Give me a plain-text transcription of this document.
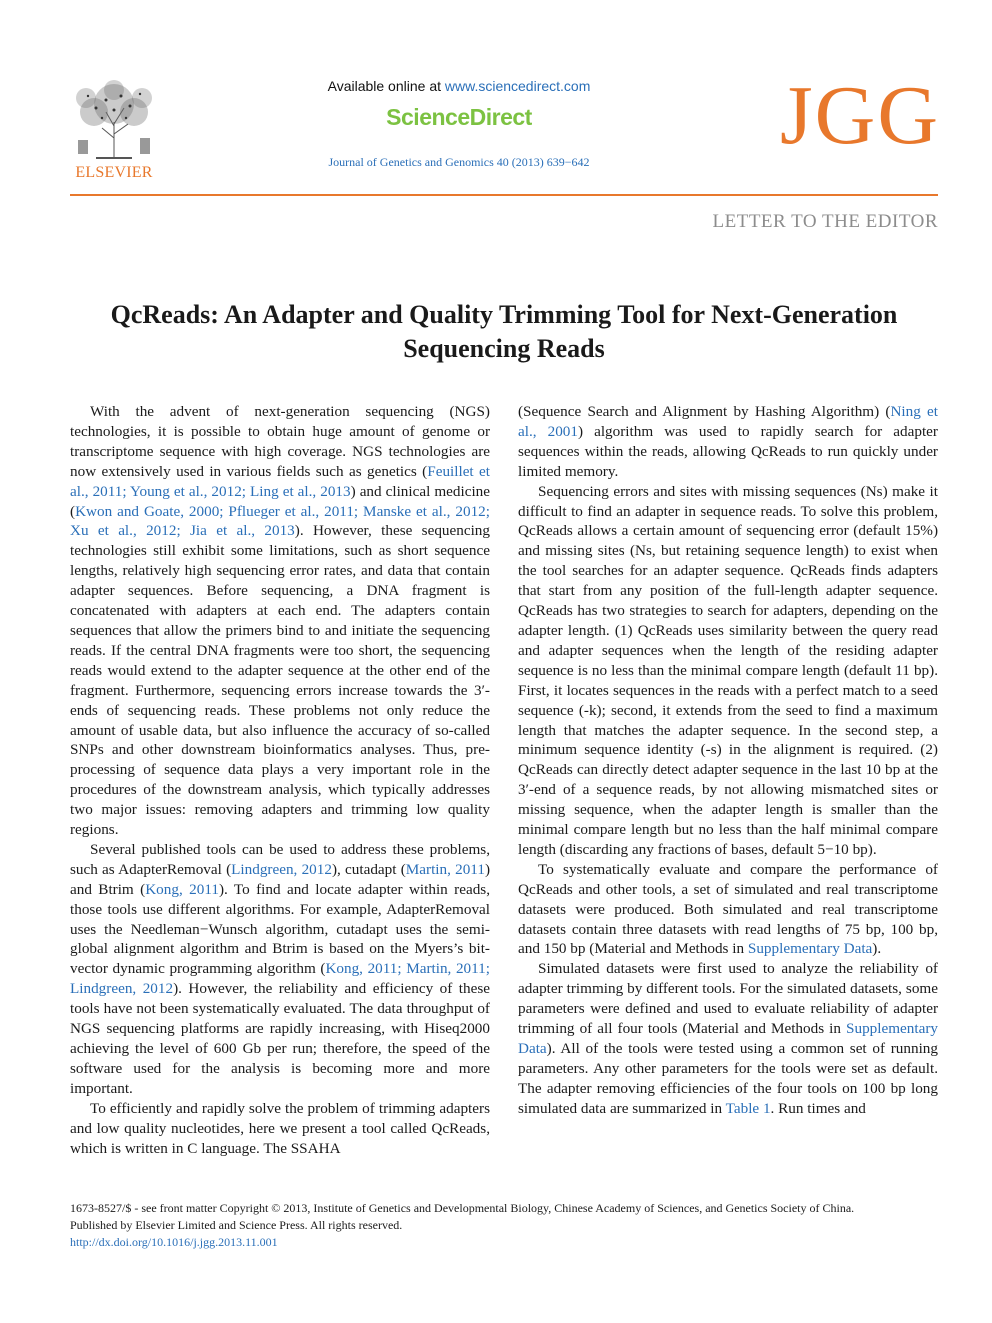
ELSEVIER
Available online at www.sciencedirect.com
ScienceDirect
Journal of Genetics and Genomics 40 (2013) 639−642	JGG
LETTER TO THE EDITOR
QcReads: An Adapter and Quality Trimming Tool for Next-Generation
Sequencing Reads

With the advent of next-generation sequencing (NGS) technologies, it is possible to obtain huge amount of genome or transcriptome sequence with high coverage. NGS technologies are now extensively used in various fields such as genetics (Feuillet et al., 2011; Young et al., 2012; Ling et al., 2013) and clinical medicine (Kwon and Goate, 2000; Pflueger et al., 2011; Manske et al., 2012; Xu et al., 2012; Jia et al., 2013). However, these sequencing technologies still exhibit some limitations, such as short sequence lengths, relatively high sequencing error rates, and data that contain adapter sequences. Before sequencing, a DNA fragment is concatenated with adapters at each end. The adapters contain sequences that allow the primers bind to and initiate the sequencing reads. If the central DNA fragments were too short, the sequencing reads would extend to the adapter sequence at the other end of the fragment. Furthermore, sequencing errors increase towards the 3′-ends of sequencing reads. These problems not only reduce the amount of usable data, but also influence the accuracy of so-called SNPs and other downstream bioinformatics analyses. Thus, pre-processing of sequence data plays a very important role in the procedures of the downstream analysis, which typically addresses two major issues: removing adapters and trimming low quality regions.

Several published tools can be used to address these problems, such as AdapterRemoval (Lindgreen, 2012), cutadapt (Martin, 2011) and Btrim (Kong, 2011). To find and locate adapter within reads, those tools use different algorithms. For example, AdapterRemoval uses the Needleman−Wunsch algorithm, cutadapt uses the semi-global alignment algorithm and Btrim is based on the Myers’s bit-vector dynamic programming algorithm (Kong, 2011; Martin, 2011; Lindgreen, 2012). However, the reliability and efficiency of these tools have not been systematically evaluated. The data throughput of NGS sequencing platforms are rapidly increasing, with Hiseq2000 achieving the level of 600 Gb per run; therefore, the speed of the software used for the analysis is becoming more and more important.

To efficiently and rapidly solve the problem of trimming adapters and low quality nucleotides, here we present a tool called QcReads, which is written in C language. The SSAHA

(Sequence Search and Alignment by Hashing Algorithm) (Ning et al., 2001) algorithm was used to rapidly search for adapter sequences within the reads, allowing QcReads to run quickly under limited memory.

Sequencing errors and sites with missing sequences (Ns) make it difficult to find an adapter in sequence reads. To solve this problem, QcReads allows a certain amount of sequencing error (default 15%) and missing sites (Ns, but retaining sequence length) to exist when the tool searches for an adapter sequence. QcReads finds adapters that start from any position of the full-length adapter sequence. QcReads has two strategies to search for adapters, depending on the adapter length. (1) QcReads uses similarity between the query read and adapter sequences when the length of the residing adapter sequence is no less than the minimal compare length (default 11 bp). First, it locates sequences in the reads with a perfect match to a seed sequence (-k); second, it extends from the seed to find a maximum length that matches the adapter sequence. In the second step, a minimum sequence identity (-s) in the alignment is required. (2) QcReads can directly detect adapter sequence in the last 10 bp at the 3′-end of a sequence reads, by not allowing mismatched sites or missing sequence, when the adapter length is smaller than the minimal compare length but no less than the half minimal compare length (discarding any fractions of bases, default 5−10 bp).

To systematically evaluate and compare the performance of QcReads and other tools, a set of simulated and real transcriptome datasets were produced. Both simulated and real transcriptome datasets contain three datasets with read lengths of 75 bp, 100 bp, and 150 bp (Material and Methods in Supplementary Data).

Simulated datasets were first used to analyze the reliability of adapter trimming by different tools. For the simulated datasets, some parameters were defined and used to evaluate reliability of adapter trimming of all four tools (Material and Methods in Supplementary Data). All of the tools were tested using a common set of running parameters. Any other parameters for the tools were set as default. The adapter removing efficiencies of the four tools on 100 bp long simulated data are summarized in Table 1. Run times and

1673-8527/$ - see front matter Copyright © 2013, Institute of Genetics and Developmental Biology, Chinese Academy of Sciences, and Genetics Society of China.
Published by Elsevier Limited and Science Press. All rights reserved.
http://dx.doi.org/10.1016/j.jgg.2013.11.001
